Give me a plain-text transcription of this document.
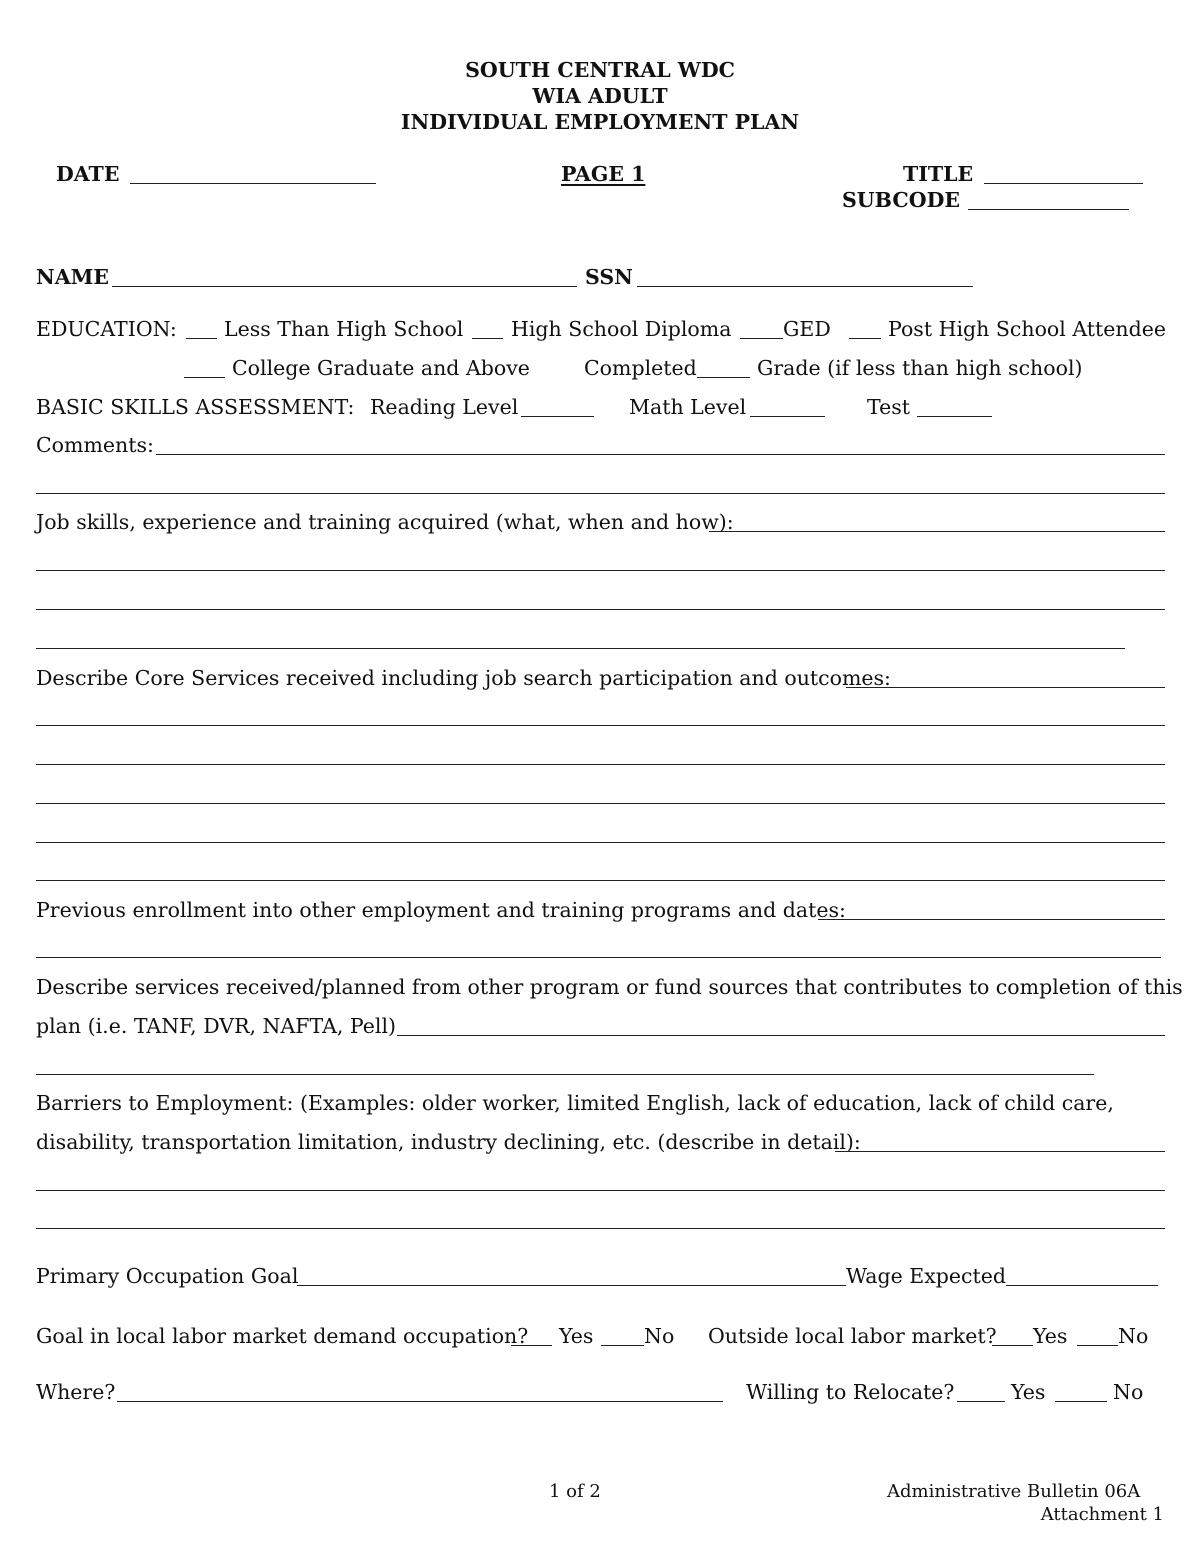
SOUTH CENTRAL WDC
WIA ADULT
INDIVIDUAL EMPLOYMENT PLAN
DATE	PAGE 1	TITLE
SUBCODE
NAME	SSN
EDUCATION: Less Than High School High School Diploma	GED	Post High School Attendee
College Graduate and Above	Completed	Grade (if less than high school)
BASIC SKILLS ASSESSMENT: Reading Level	Math Level	Test
Comments:
Job skills, experience and training acquired (what, when and how):
Describe Core Services received including job search participation and outcomes:
Previous enrollment into other employment and training programs and dates:
Describe services received/planned from other program or fund sources that contributes to completion of this
plan (i.e. TANF, DVR, NAFTA, Pell)
Barriers to Employment: (Examples: older worker, limited English, lack of education, lack of child care,
disability, transportation limitation, industry declining, etc. (describe in detail):
Primary Occupation Goal	Wage Expected
Goal in local labor market demand occupation? Yes No Outside local labor market? Yes No
Where?	Willing to Relocate?	Yes	No
1 of 2	Administrative Bulletin 06A
Attachment 1
